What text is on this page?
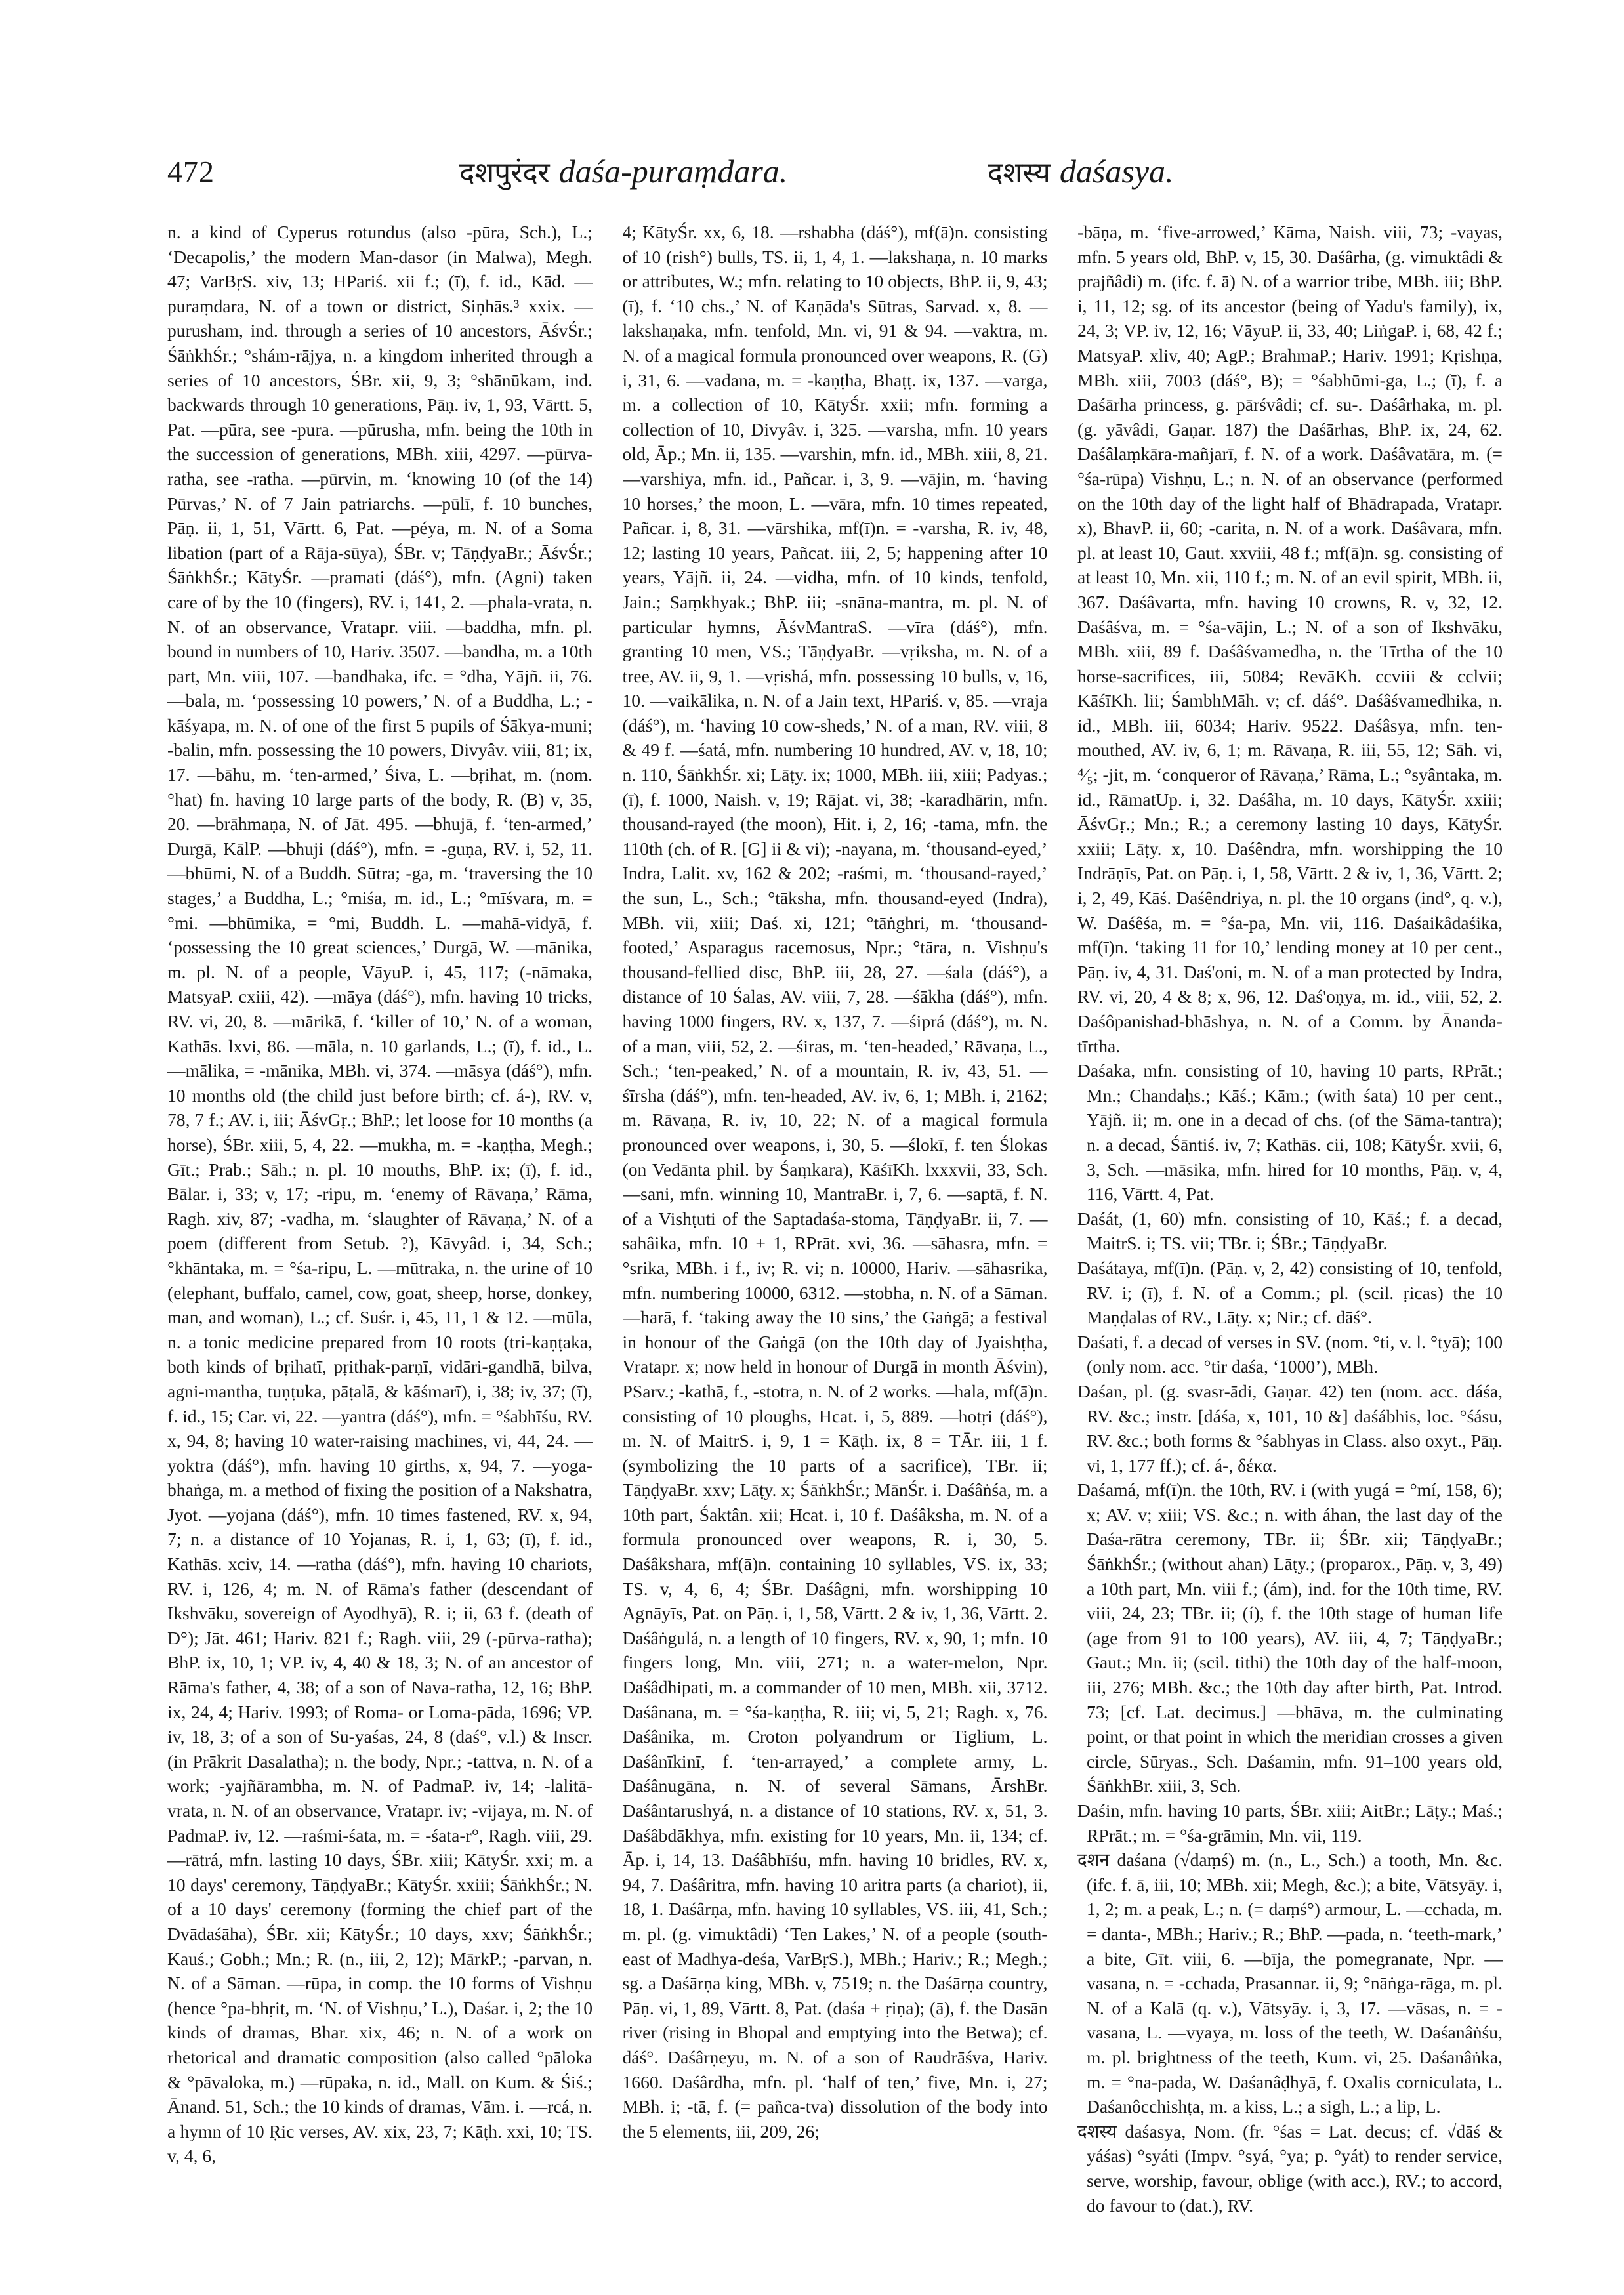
472	दशपुरंदर daśa-puraṃdara.	दशस्य daśasya.

n. a kind of Cyperus rotundus (also -pūra, Sch.), L.; ‘Decapolis,’ the modern Man-dasor (in Malwa), Megh. 47; VarBṛS. xiv, 13; HPariś. xii f.; (ī), f. id., Kād. —puraṃdara, N. of a town or district, Siṇhās.³ xxix. —purusham, ind. through a series of 10 ancestors, ĀśvŚr.; ŚāṅkhŚr.; °shám-rājya, n. a kingdom inherited through a series of 10 ancestors, ŚBr. xii, 9, 3; °shānūkam, ind. backwards through 10 generations, Pāṇ. iv, 1, 93, Vārtt. 5, Pat. —pūra, see -pura. —pūrusha, mfn. being the 10th in the succession of generations, MBh. xiii, 4297. —pūrva-ratha, see -ratha. —pūrvin, m. ‘knowing 10 (of the 14) Pūrvas,’ N. of 7 Jain patriarchs. —pūlī, f. 10 bunches, Pāṇ. ii, 1, 51, Vārtt. 6, Pat. —péya, m. N. of a Soma libation (part of a Rāja-sūya), ŚBr. v; TāṇḍyaBr.; ĀśvŚr.; ŚāṅkhŚr.; KātyŚr. —pramati (dáś°), mfn. (Agni) taken care of by the 10 (fingers), RV. i, 141, 2. —phala-vrata, n. N. of an observance, Vratapr. viii. —baddha, mfn. pl. bound in numbers of 10, Hariv. 3507. —bandha, m. a 10th part, Mn. viii, 107. —bandhaka, ifc. = °dha, Yājñ. ii, 76. —bala, m. ‘possessing 10 powers,’ N. of a Buddha, L.; -kāśyapa, m. N. of one of the first 5 pupils of Śākya-muni; -balin, mfn. possessing the 10 powers, Divyâv. viii, 81; ix, 17. —bāhu, m. ‘ten-armed,’ Śiva, L. —bṛihat, m. (nom. °hat) fn. having 10 large parts of the body, R. (B) v, 35, 20. —brāhmaṇa, N. of Jāt. 495. —bhujā, f. ‘ten-armed,’ Durgā, KālP. —bhuji (dáś°), mfn. = -guṇa, RV. i, 52, 11. —bhūmi, N. of a Buddh. Sūtra; -ga, m. ‘traversing the 10 stages,’ a Buddha, L.; °miśa, m. id., L.; °mīśvara, m. = °mi. —bhūmika, = °mi, Buddh. L. —mahā-vidyā, f. ‘possessing the 10 great sciences,’ Durgā, W. —mānika, m. pl. N. of a people, VāyuP. i, 45, 117; (-nāmaka, MatsyaP. cxiii, 42). —māya (dáś°), mfn. having 10 tricks, RV. vi, 20, 8. —mārikā, f. ‘killer of 10,’ N. of a woman, Kathās. lxvi, 86. —māla, n. 10 garlands, L.; (ī), f. id., L. —mālika, = -mānika, MBh. vi, 374. —māsya (dáś°), mfn. 10 months old (the child just before birth; cf. á-), RV. v, 78, 7 f.; AV. i, iii; ĀśvGṛ.; BhP.; let loose for 10 months (a horse), ŚBr. xiii, 5, 4, 22. —mukha, m. = -kaṇṭha, Megh.; Gīt.; Prab.; Sāh.; n. pl. 10 mouths, BhP. ix; (ī), f. id., Bālar. i, 33; v, 17; -ripu, m. ‘enemy of Rāvaṇa,’ Rāma, Ragh. xiv, 87; -vadha, m. ‘slaughter of Rāvaṇa,’ N. of a poem (different from Setub. ?), Kāvyâd. i, 34, Sch.; °khāntaka, m. = °śa-ripu, L. —mūtraka, n. the urine of 10 (elephant, buffalo, camel, cow, goat, sheep, horse, donkey, man, and woman), L.; cf. Suśr. i, 45, 11, 1 & 12. —mūla, n. a tonic medicine prepared from 10 roots (tri-kaṇṭaka, both kinds of bṛihatī, pṛithak-parṇī, vidāri-gandhā, bilva, agni-mantha, tuṇṭuka, pāṭalā, & kāśmarī), i, 38; iv, 37; (ī), f. id., 15; Car. vi, 22. —yantra (dáś°), mfn. = °śabhīśu, RV. x, 94, 8; having 10 water-raising machines, vi, 44, 24. —yoktra (dáś°), mfn. having 10 girths, x, 94, 7. —yoga-bhaṅga, m. a method of fixing the position of a Nakshatra, Jyot. —yojana (dáś°), mfn. 10 times fastened, RV. x, 94, 7; n. a distance of 10 Yojanas, R. i, 1, 63; (ī), f. id., Kathās. xciv, 14. —ratha (dáś°), mfn. having 10 chariots, RV. i, 126, 4; m. N. of Rāma's father (descendant of Ikshvāku, sovereign of Ayodhyā), R. i; ii, 63 f. (death of D°); Jāt. 461; Hariv. 821 f.; Ragh. viii, 29 (-pūrva-ratha); BhP. ix, 10, 1; VP. iv, 4, 40 & 18, 3; N. of an ancestor of Rāma's father, 4, 38; of a son of Nava-ratha, 12, 16; BhP. ix, 24, 4; Hariv. 1993; of Roma- or Loma-pāda, 1696; VP. iv, 18, 3; of a son of Su-yaśas, 24, 8 (daś°, v.l.) & Inscr. (in Prākrit Dasalatha); n. the body, Npr.; -tattva, n. N. of a work; -yajñārambha, m. N. of PadmaP. iv, 14; -lalitā-vrata, n. N. of an observance, Vratapr. iv; -vijaya, m. N. of PadmaP. iv, 12. —raśmi-śata, m. = -śata-r°, Ragh. viii, 29. —rātrá, mfn. lasting 10 days, ŚBr. xiii; KātyŚr. xxi; m. a 10 days' ceremony, TāṇḍyaBr.; KātyŚr. xxiii; ŚāṅkhŚr.; N. of a 10 days' ceremony (forming the chief part of the Dvādaśāha), ŚBr. xii; KātyŚr.; 10 days, xxv; ŚāṅkhŚr.; Kauś.; Gobh.; Mn.; R. (n., iii, 2, 12); MārkP.; -parvan, n. N. of a Sāman. —rūpa, in comp. the 10 forms of Vishṇu (hence °pa-bhṛit, m. ‘N. of Vishṇu,’ L.), Daśar. i, 2; the 10 kinds of dramas, Bhar. xix, 46; n. N. of a work on rhetorical and dramatic composition (also called °pāloka & °pāvaloka, m.) —rūpaka, n. id., Mall. on Kum. & Śiś.; Ānand. 51, Sch.; the 10 kinds of dramas, Vām. i. —rcá, n. a hymn of 10 Ṛic verses, AV. xix, 23, 7; Kāṭh. xxi, 10; TS. v, 4, 6,

4; KātyŚr. xx, 6, 18. —rshabha (dáś°), mf(ā)n. consisting of 10 (rish°) bulls, TS. ii, 1, 4, 1. —lakshaṇa, n. 10 marks or attributes, W.; mfn. relating to 10 objects, BhP. ii, 9, 43; (ī), f. ‘10 chs.,’ N. of Kaṇāda's Sūtras, Sarvad. x, 8. —lakshaṇaka, mfn. tenfold, Mn. vi, 91 & 94. —vaktra, m. N. of a magical formula pronounced over weapons, R. (G) i, 31, 6. —vadana, m. = -kaṇṭha, Bhaṭṭ. ix, 137. —varga, m. a collection of 10, KātyŚr. xxii; mfn. forming a collection of 10, Divyâv. i, 325. —varsha, mfn. 10 years old, Āp.; Mn. ii, 135. —varshin, mfn. id., MBh. xiii, 8, 21. —varshiya, mfn. id., Pañcar. i, 3, 9. —vājin, m. ‘having 10 horses,’ the moon, L. —vāra, mfn. 10 times repeated, Pañcar. i, 8, 31. —vārshika, mf(ī)n. = -varsha, R. iv, 48, 12; lasting 10 years, Pañcat. iii, 2, 5; happening after 10 years, Yājñ. ii, 24. —vidha, mfn. of 10 kinds, tenfold, Jain.; Saṃkhyak.; BhP. iii; -snāna-mantra, m. pl. N. of particular hymns, ĀśvMantraS. —vīra (dáś°), mfn. granting 10 men, VS.; TāṇḍyaBr. —vṛiksha, m. N. of a tree, AV. ii, 9, 1. —vṛishá, mfn. possessing 10 bulls, v, 16, 10. —vaikālika, n. N. of a Jain text, HPariś. v, 85. —vraja (dáś°), m. ‘having 10 cow-sheds,’ N. of a man, RV. viii, 8 & 49 f. —śatá, mfn. numbering 10 hundred, AV. v, 18, 10; n. 110, ŚāṅkhŚr. xi; Lāṭy. ix; 1000, MBh. iii, xiii; Padyas.; (ī), f. 1000, Naish. v, 19; Rājat. vi, 38; -karadhārin, mfn. thousand-rayed (the moon), Hit. i, 2, 16; -tama, mfn. the 110th (ch. of R. [G] ii & vi); -nayana, m. ‘thousand-eyed,’ Indra, Lalit. xv, 162 & 202; -raśmi, m. ‘thousand-rayed,’ the sun, L., Sch.; °tāksha, mfn. thousand-eyed (Indra), MBh. vii, xiii; Daś. xi, 121; °tāṅghri, m. ‘thousand-footed,’ Asparagus racemosus, Npr.; °tāra, n. Vishṇu's thousand-fellied disc, BhP. iii, 28, 27. —śala (dáś°), a distance of 10 Śalas, AV. viii, 7, 28. —śākha (dáś°), mfn. having 1000 fingers, RV. x, 137, 7. —śiprá (dáś°), m. N. of a man, viii, 52, 2. —śiras, m. ‘ten-headed,’ Rāvaṇa, L., Sch.; ‘ten-peaked,’ N. of a mountain, R. iv, 43, 51. —śīrsha (dáś°), mfn. ten-headed, AV. iv, 6, 1; MBh. i, 2162; m. Rāvaṇa, R. iv, 10, 22; N. of a magical formula pronounced over weapons, i, 30, 5. —ślokī, f. ten Ślokas (on Vedānta phil. by Śaṃkara), KāśīKh. lxxxvii, 33, Sch. —sani, mfn. winning 10, MantraBr. i, 7, 6. —saptā, f. N. of a Vishṭuti of the Saptadaśa-stoma, TāṇḍyaBr. ii, 7. —sahâika, mfn. 10 + 1, RPrāt. xvi, 36. —sāhasra, mfn. = °srika, MBh. i f., iv; R. vi; n. 10000, Hariv. —sāhasrika, mfn. numbering 10000, 6312. —stobha, n. N. of a Sāman. —harā, f. ‘taking away the 10 sins,’ the Gaṅgā; a festival in honour of the Gaṅgā (on the 10th day of Jyaishṭha, Vratapr. x; now held in honour of Durgā in month Āśvin), PSarv.; -kathā, f., -stotra, n. N. of 2 works. —hala, mf(ā)n. consisting of 10 ploughs, Hcat. i, 5, 889. —hotṛi (dáś°), m. N. of MaitrS. i, 9, 1 = Kāṭh. ix, 8 = TĀr. iii, 1 f. (symbolizing the 10 parts of a sacrifice), TBr. ii; TāṇḍyaBr. xxv; Lāṭy. x; ŚāṅkhŚr.; MānŚr. i. Daśâṅśa, m. a 10th part, Śaktân. xii; Hcat. i, 10 f. Daśâksha, m. N. of a formula pronounced over weapons, R. i, 30, 5. Daśâkshara, mf(ā)n. containing 10 syllables, VS. ix, 33; TS. v, 4, 6, 4; ŚBr. Daśâgni, mfn. worshipping 10 Agnāyīs, Pat. on Pāṇ. i, 1, 58, Vārtt. 2 & iv, 1, 36, Vārtt. 2. Daśâṅgulá, n. a length of 10 fingers, RV. x, 90, 1; mfn. 10 fingers long, Mn. viii, 271; n. a water-melon, Npr. Daśâdhipati, m. a commander of 10 men, MBh. xii, 3712. Daśânana, m. = °śa-kaṇṭha, R. iii; vi, 5, 21; Ragh. x, 76. Daśânika, m. Croton polyandrum or Tiglium, L. Daśânīkinī, f. ‘ten-arrayed,’ a complete army, L. Daśânugāna, n. N. of several Sāmans, ĀrshBr. Daśântarushyá, n. a distance of 10 stations, RV. x, 51, 3. Daśâbdākhya, mfn. existing for 10 years, Mn. ii, 134; cf. Āp. i, 14, 13. Daśâbhīśu, mfn. having 10 bridles, RV. x, 94, 7. Daśâritra, mfn. having 10 aritra parts (a chariot), ii, 18, 1. Daśârṇa, mfn. having 10 syllables, VS. iii, 41, Sch.; m. pl. (g. vimuktâdi) ‘Ten Lakes,’ N. of a people (south-east of Madhya-deśa, VarBṛS.), MBh.; Hariv.; R.; Megh.; sg. a Daśārṇa king, MBh. v, 7519; n. the Daśārṇa country, Pāṇ. vi, 1, 89, Vārtt. 8, Pat. (daśa + ṛiṇa); (ā), f. the Dasān river (rising in Bhopal and emptying into the Betwa); cf. dáś°. Daśârṇeyu, m. N. of a son of Raudrāśva, Hariv. 1660. Daśârdha, mfn. pl. ‘half of ten,’ five, Mn. i, 27; MBh. i; -tā, f. (= pañca-tva) dissolution of the body into the 5 elements, iii, 209, 26;

-bāṇa, m. ‘five-arrowed,’ Kāma, Naish. viii, 73; -vayas, mfn. 5 years old, BhP. v, 15, 30. Daśârha, (g. vimuktâdi & prajñâdi) m. (ifc. f. ā) N. of a warrior tribe, MBh. iii; BhP. i, 11, 12; sg. of its ancestor (being of Yadu's family), ix, 24, 3; VP. iv, 12, 16; VāyuP. ii, 33, 40; LiṅgaP. i, 68, 42 f.; MatsyaP. xliv, 40; AgP.; BrahmaP.; Hariv. 1991; Kṛishṇa, MBh. xiii, 7003 (dáś°, B); = °śabhūmi-ga, L.; (ī), f. a Daśārha princess, g. pārśvâdi; cf. su-. Daśârhaka, m. pl. (g. yāvâdi, Gaṇar. 187) the Daśārhas, BhP. ix, 24, 62. Daśâlaṃkāra-mañjarī, f. N. of a work. Daśâvatāra, m. (= °śa-rūpa) Vishṇu, L.; n. N. of an observance (performed on the 10th day of the light half of Bhādrapada, Vratapr. x), BhavP. ii, 60; -carita, n. N. of a work. Daśâvara, mfn. pl. at least 10, Gaut. xxviii, 48 f.; mf(ā)n. sg. consisting of at least 10, Mn. xii, 110 f.; m. N. of an evil spirit, MBh. ii, 367. Daśâvarta, mfn. having 10 crowns, R. v, 32, 12. Daśâśva, m. = °śa-vājin, L.; N. of a son of Ikshvāku, MBh. xiii, 89 f. Daśâśvamedha, n. the Tīrtha of the 10 horse-sacrifices, iii, 5084; RevāKh. ccviii & cclvii; KāśīKh. lii; ŚambhMāh. v; cf. dáś°. Daśâśvamedhika, n. id., MBh. iii, 6034; Hariv. 9522. Daśâsya, mfn. ten-mouthed, AV. iv, 6, 1; m. Rāvaṇa, R. iii, 55, 12; Sāh. vi, ⁴⁄₅; -jit, m. ‘conqueror of Rāvaṇa,’ Rāma, L.; °syântaka, m. id., RāmatUp. i, 32. Daśâha, m. 10 days, KātyŚr. xxiii; ĀśvGṛ.; Mn.; R.; a ceremony lasting 10 days, KātyŚr. xxiii; Lāṭy. x, 10. Daśêndra, mfn. worshipping the 10 Indrāṇīs, Pat. on Pāṇ. i, 1, 58, Vārtt. 2 & iv, 1, 36, Vārtt. 2; i, 2, 49, Kāś. Daśêndriya, n. pl. the 10 organs (ind°, q. v.), W. Daśêśa, m. = °śa-pa, Mn. vii, 116. Daśaikâdaśika, mf(ī)n. ‘taking 11 for 10,’ lending money at 10 per cent., Pāṇ. iv, 4, 31. Daś'oni, m. N. of a man protected by Indra, RV. vi, 20, 4 & 8; x, 96, 12. Daś'oṇya, m. id., viii, 52, 2. Daśôpanishad-bhāshya, n. N. of a Comm. by Ānanda-tīrtha.

Daśaka, mfn. consisting of 10, having 10 parts, RPrāt.; Mn.; Chandaḥs.; Kāś.; Kām.; (with śata) 10 per cent., Yājñ. ii; m. one in a decad of chs. (of the Sāma-tantra); n. a decad, Śāntiś. iv, 7; Kathās. cii, 108; KātyŚr. xvii, 6, 3, Sch. —māsika, mfn. hired for 10 months, Pāṇ. v, 4, 116, Vārtt. 4, Pat.

Daśát, (1, 60) mfn. consisting of 10, Kāś.; f. a decad, MaitrS. i; TS. vii; TBr. i; ŚBr.; TāṇḍyaBr.

Daśátaya, mf(ī)n. (Pāṇ. v, 2, 42) consisting of 10, tenfold, RV. i; (ī), f. N. of a Comm.; pl. (scil. ṛicas) the 10 Maṇḍalas of RV., Lāṭy. x; Nir.; cf. dāś°.

Daśati, f. a decad of verses in SV. (nom. °ti, v. l. °tyā); 100 (only nom. acc. °tir daśa, ‘1000’), MBh.

Daśan, pl. (g. svasr-ādi, Gaṇar. 42) ten (nom. acc. dáśa, RV. &c.; instr. [dáśa, x, 101, 10 &] daśábhis, loc. °śásu, RV. &c.; both forms & °śabhyas in Class. also oxyt., Pāṇ. vi, 1, 177 ff.); cf. á-, δέκα.

Daśamá, mf(ī)n. the 10th, RV. i (with yugá = °mí, 158, 6); x; AV. v; xiii; VS. &c.; n. with áhan, the last day of the Daśa-rātra ceremony, TBr. ii; ŚBr. xii; TāṇḍyaBr.; ŚāṅkhŚr.; (without ahan) Lāṭy.; (proparox., Pāṇ. v, 3, 49) a 10th part, Mn. viii f.; (ám), ind. for the 10th time, RV. viii, 24, 23; TBr. ii; (í), f. the 10th stage of human life (age from 91 to 100 years), AV. iii, 4, 7; TāṇḍyaBr.; Gaut.; Mn. ii; (scil. tithi) the 10th day of the half-moon, iii, 276; MBh. &c.; the 10th day after birth, Pat. Introd. 73; [cf. Lat. decimus.] —bhāva, m. the culminating point, or that point in which the meridian crosses a given circle, Sūryas., Sch. Daśamin, mfn. 91–100 years old, ŚāṅkhBr. xiii, 3, Sch.

Daśin, mfn. having 10 parts, ŚBr. xiii; AitBr.; Lāṭy.; Maś.; RPrāt.; m. = °śa-grāmin, Mn. vii, 119.

दशन daśana (√daṃś) m. (n., L., Sch.) a tooth, Mn. &c. (ifc. f. ā, iii, 10; MBh. xii; Megh, &c.); a bite, Vātsyāy. i, 1, 2; m. a peak, L.; n. (= daṃś°) armour, L. —cchada, m. = danta-, MBh.; Hariv.; R.; BhP. —pada, n. ‘teeth-mark,’ a bite, Gīt. viii, 6. —bīja, the pomegranate, Npr. —vasana, n. = -cchada, Prasannar. ii, 9; °nāṅga-rāga, m. pl. N. of a Kalā (q. v.), Vātsyāy. i, 3, 17. —vāsas, n. = -vasana, L. —vyaya, m. loss of the teeth, W. Daśanâṅśu, m. pl. brightness of the teeth, Kum. vi, 25. Daśanâṅka, m. = °na-pada, W. Daśanâḍhyā, f. Oxalis corniculata, L. Daśanôcchishṭa, m. a kiss, L.; a sigh, L.; a lip, L.

दशस्य daśasya, Nom. (fr. °śas = Lat. decus; cf. √dāś & yáśas) °syáti (Impv. °syá, °ya; p. °yát) to render service, serve, worship, favour, oblige (with acc.), RV.; to accord, do favour to (dat.), RV.
